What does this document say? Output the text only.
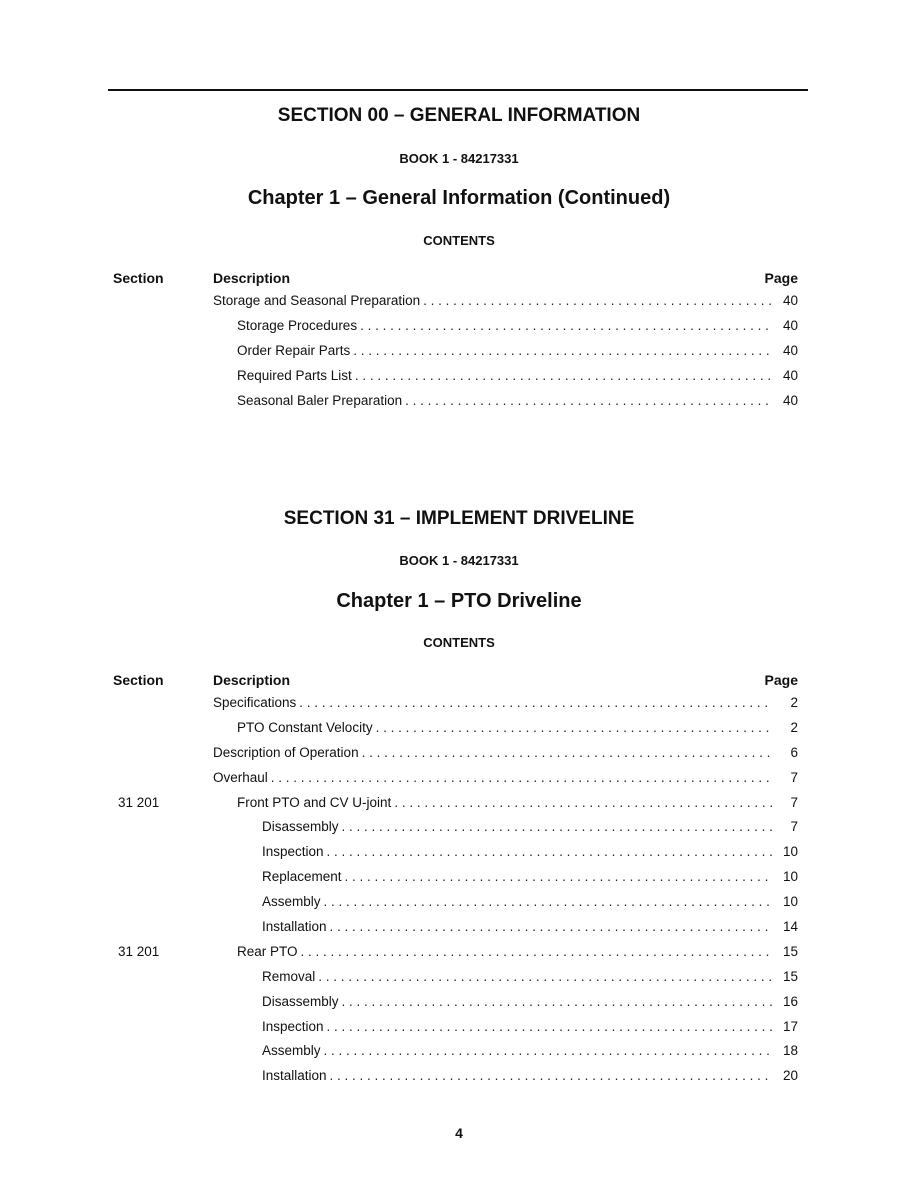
SECTION 00 – GENERAL INFORMATION
BOOK 1 - 84217331
Chapter 1 – General Information (Continued)
CONTENTS
Section	Description	Page
Storage and Seasonal Preparation . . .	40
Storage Procedures . . .	40
Order Repair Parts . . .	40
Required Parts List . . .	40
Seasonal Baler Preparation . . .	40
SECTION 31 – IMPLEMENT DRIVELINE
BOOK 1 - 84217331
Chapter 1 – PTO Driveline
CONTENTS
Section	Description	Page
Specifications . . .	2
PTO Constant Velocity . . .	2
Description of Operation . . .	6
Overhaul . . .	7
31 201	Front PTO and CV U-joint . . .	7
Disassembly . . .	7
Inspection . . .	10
Replacement . . .	10
Assembly . . .	10
Installation . . .	14
31 201	Rear PTO . . .	15
Removal . . .	15
Disassembly . . .	16
Inspection . . .	17
Assembly . . .	18
Installation . . .	20
4
